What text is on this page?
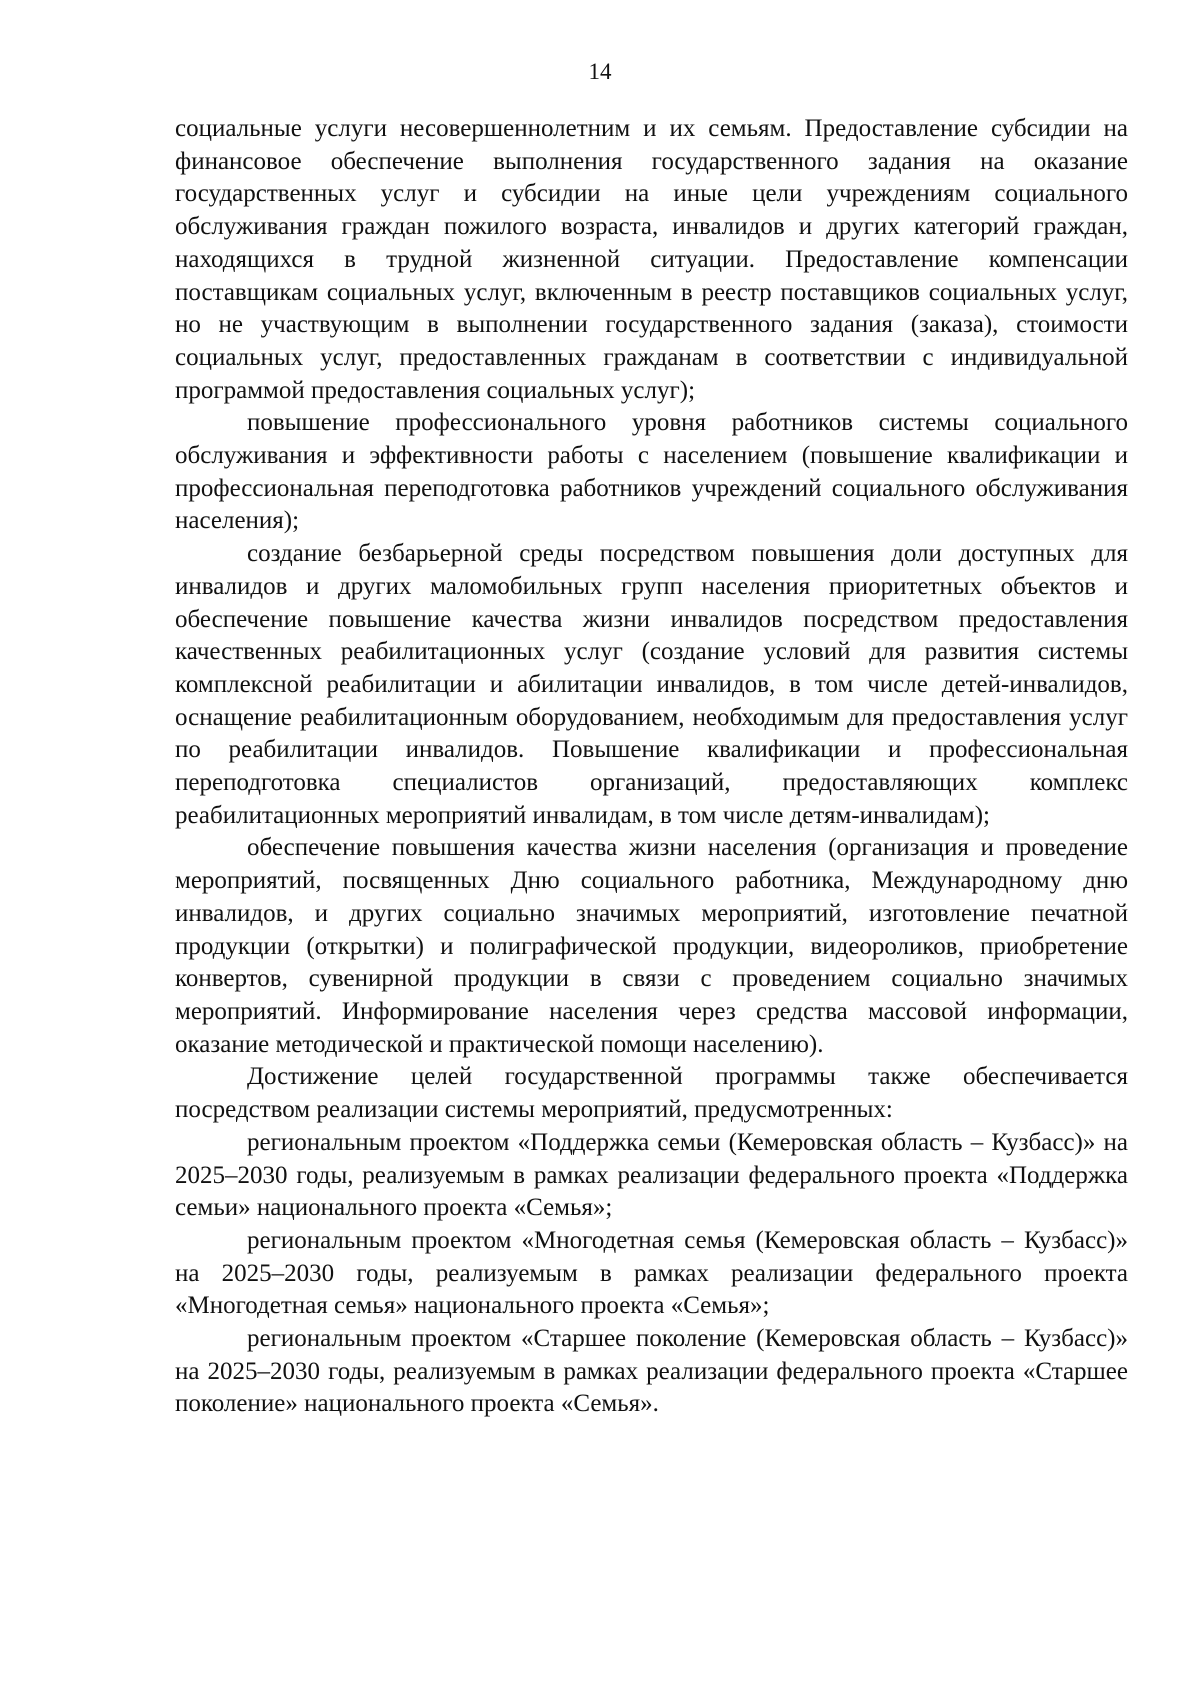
14

социальные услуги несовершеннолетним и их семьям. Предоставление субсидии на финансовое обеспечение выполнения государственного задания на оказание государственных услуг и субсидии на иные цели учреждениям социального обслуживания граждан пожилого возраста, инвалидов и других категорий граждан, находящихся в трудной жизненной ситуации. Предоставление компенсации поставщикам социальных услуг, включенным в реестр поставщиков социальных услуг, но не участвующим в выполнении государственного задания (заказа), стоимости социальных услуг, предоставленных гражданам в соответствии с индивидуальной программой предоставления социальных услуг);

повышение профессионального уровня работников системы социального обслуживания и эффективности работы с населением (повышение квалификации и профессиональная переподготовка работников учреждений социального обслуживания населения);

создание безбарьерной среды посредством повышения доли доступных для инвалидов и других маломобильных групп населения приоритетных объектов и обеспечение повышение качества жизни инвалидов посредством предоставления качественных реабилитационных услуг (создание условий для развития системы комплексной реабилитации и абилитации инвалидов, в том числе детей-инвалидов, оснащение реабилитационным оборудованием, необходимым для предоставления услуг по реабилитации инвалидов. Повышение квалификации и профессиональная переподготовка специалистов организаций, предоставляющих комплекс реабилитационных мероприятий инвалидам, в том числе детям-инвалидам);

обеспечение повышения качества жизни населения (организация и проведение мероприятий, посвященных Дню социального работника, Международному дню инвалидов, и других социально значимых мероприятий, изготовление печатной продукции (открытки) и полиграфической продукции, видеороликов, приобретение конвертов, сувенирной продукции в связи с проведением социально значимых мероприятий. Информирование населения через средства массовой информации, оказание методической и практической помощи населению).

Достижение целей государственной программы также обеспечивается посредством реализации системы мероприятий, предусмотренных:

региональным проектом «Поддержка семьи (Кемеровская область – Кузбасс)» на 2025–2030 годы, реализуемым в рамках реализации федерального проекта «Поддержка семьи» национального проекта «Семья»;

региональным проектом «Многодетная семья (Кемеровская область – Кузбасс)» на 2025–2030 годы, реализуемым в рамках реализации федерального проекта «Многодетная семья» национального проекта «Семья»;

региональным проектом «Старшее поколение (Кемеровская область – Кузбасс)» на 2025–2030 годы, реализуемым в рамках реализации федерального проекта «Старшее поколение» национального проекта «Семья».
